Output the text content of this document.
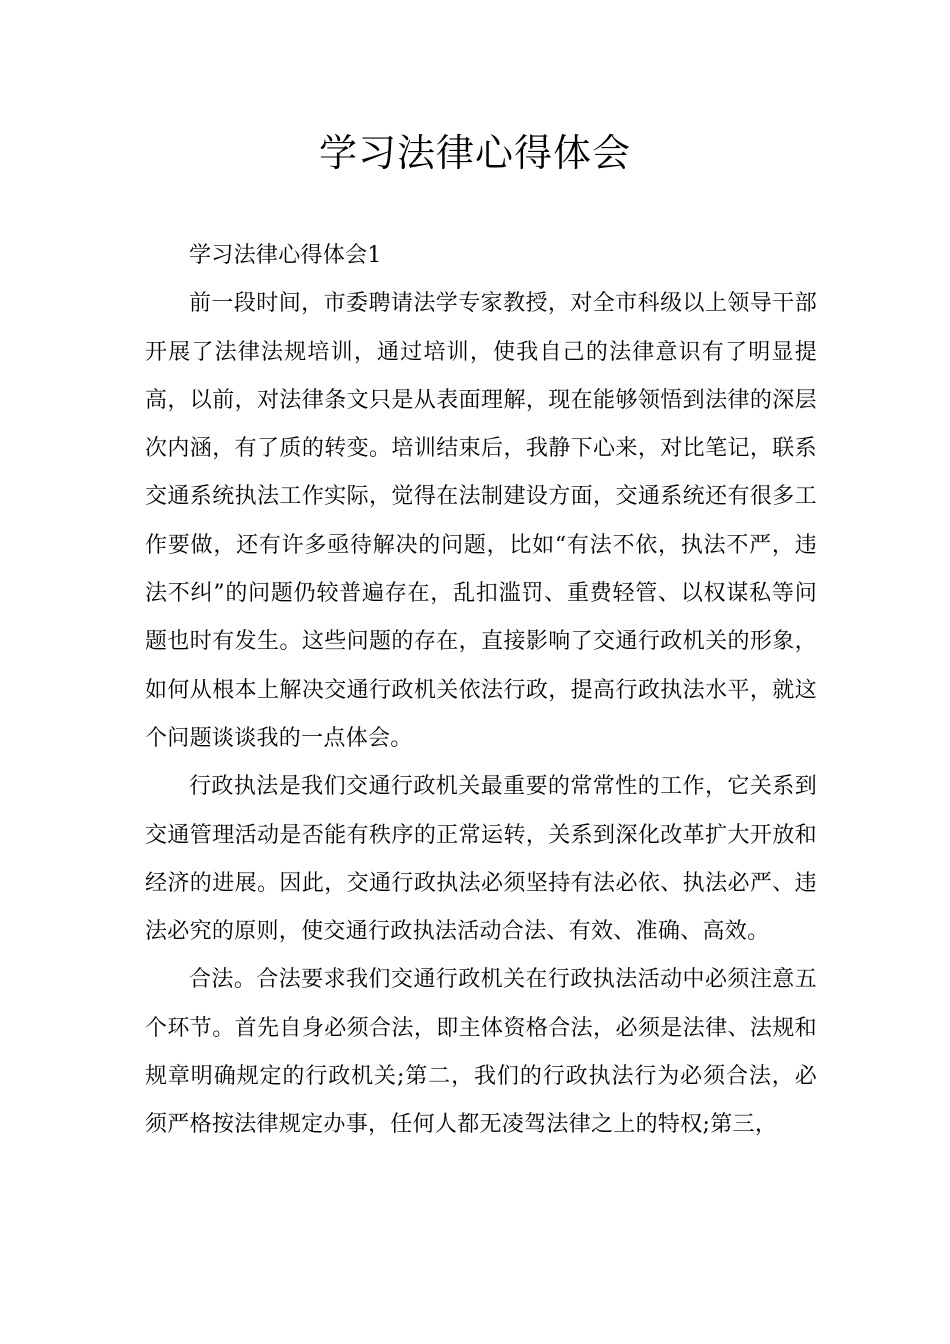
学习法律心得体会

学习法律心得体会1

前一段时间，市委聘请法学专家教授，对全市科级以上领导干部开展了法律法规培训，通过培训，使我自己的法律意识有了明显提高，以前，对法律条文只是从表面理解，现在能够领悟到法律的深层次内涵，有了质的转变。培训结束后，我静下心来，对比笔记，联系交通系统执法工作实际，觉得在法制建设方面，交通系统还有很多工作要做，还有许多亟待解决的问题，比如“有法不依，执法不严，违法不纠”的问题仍较普遍存在，乱扣滥罚、重费轻管、以权谋私等问题也时有发生。这些问题的存在，直接影响了交通行政机关的形象，如何从根本上解决交通行政机关依法行政，提高行政执法水平，就这个问题谈谈我的一点体会。

行政执法是我们交通行政机关最重要的常常性的工作，它关系到交通管理活动是否能有秩序的正常运转，关系到深化改革扩大开放和经济的进展。因此，交通行政执法必须坚持有法必依、执法必严、违法必究的原则，使交通行政执法活动合法、有效、准确、高效。

合法。合法要求我们交通行政机关在行政执法活动中必须注意五个环节。首先自身必须合法，即主体资格合法，必须是法律、法规和规章明确规定的行政机关;第二，我们的行政执法行为必须合法，必须严格按法律规定办事，任何人都无凌驾法律之上的特权;第三，
